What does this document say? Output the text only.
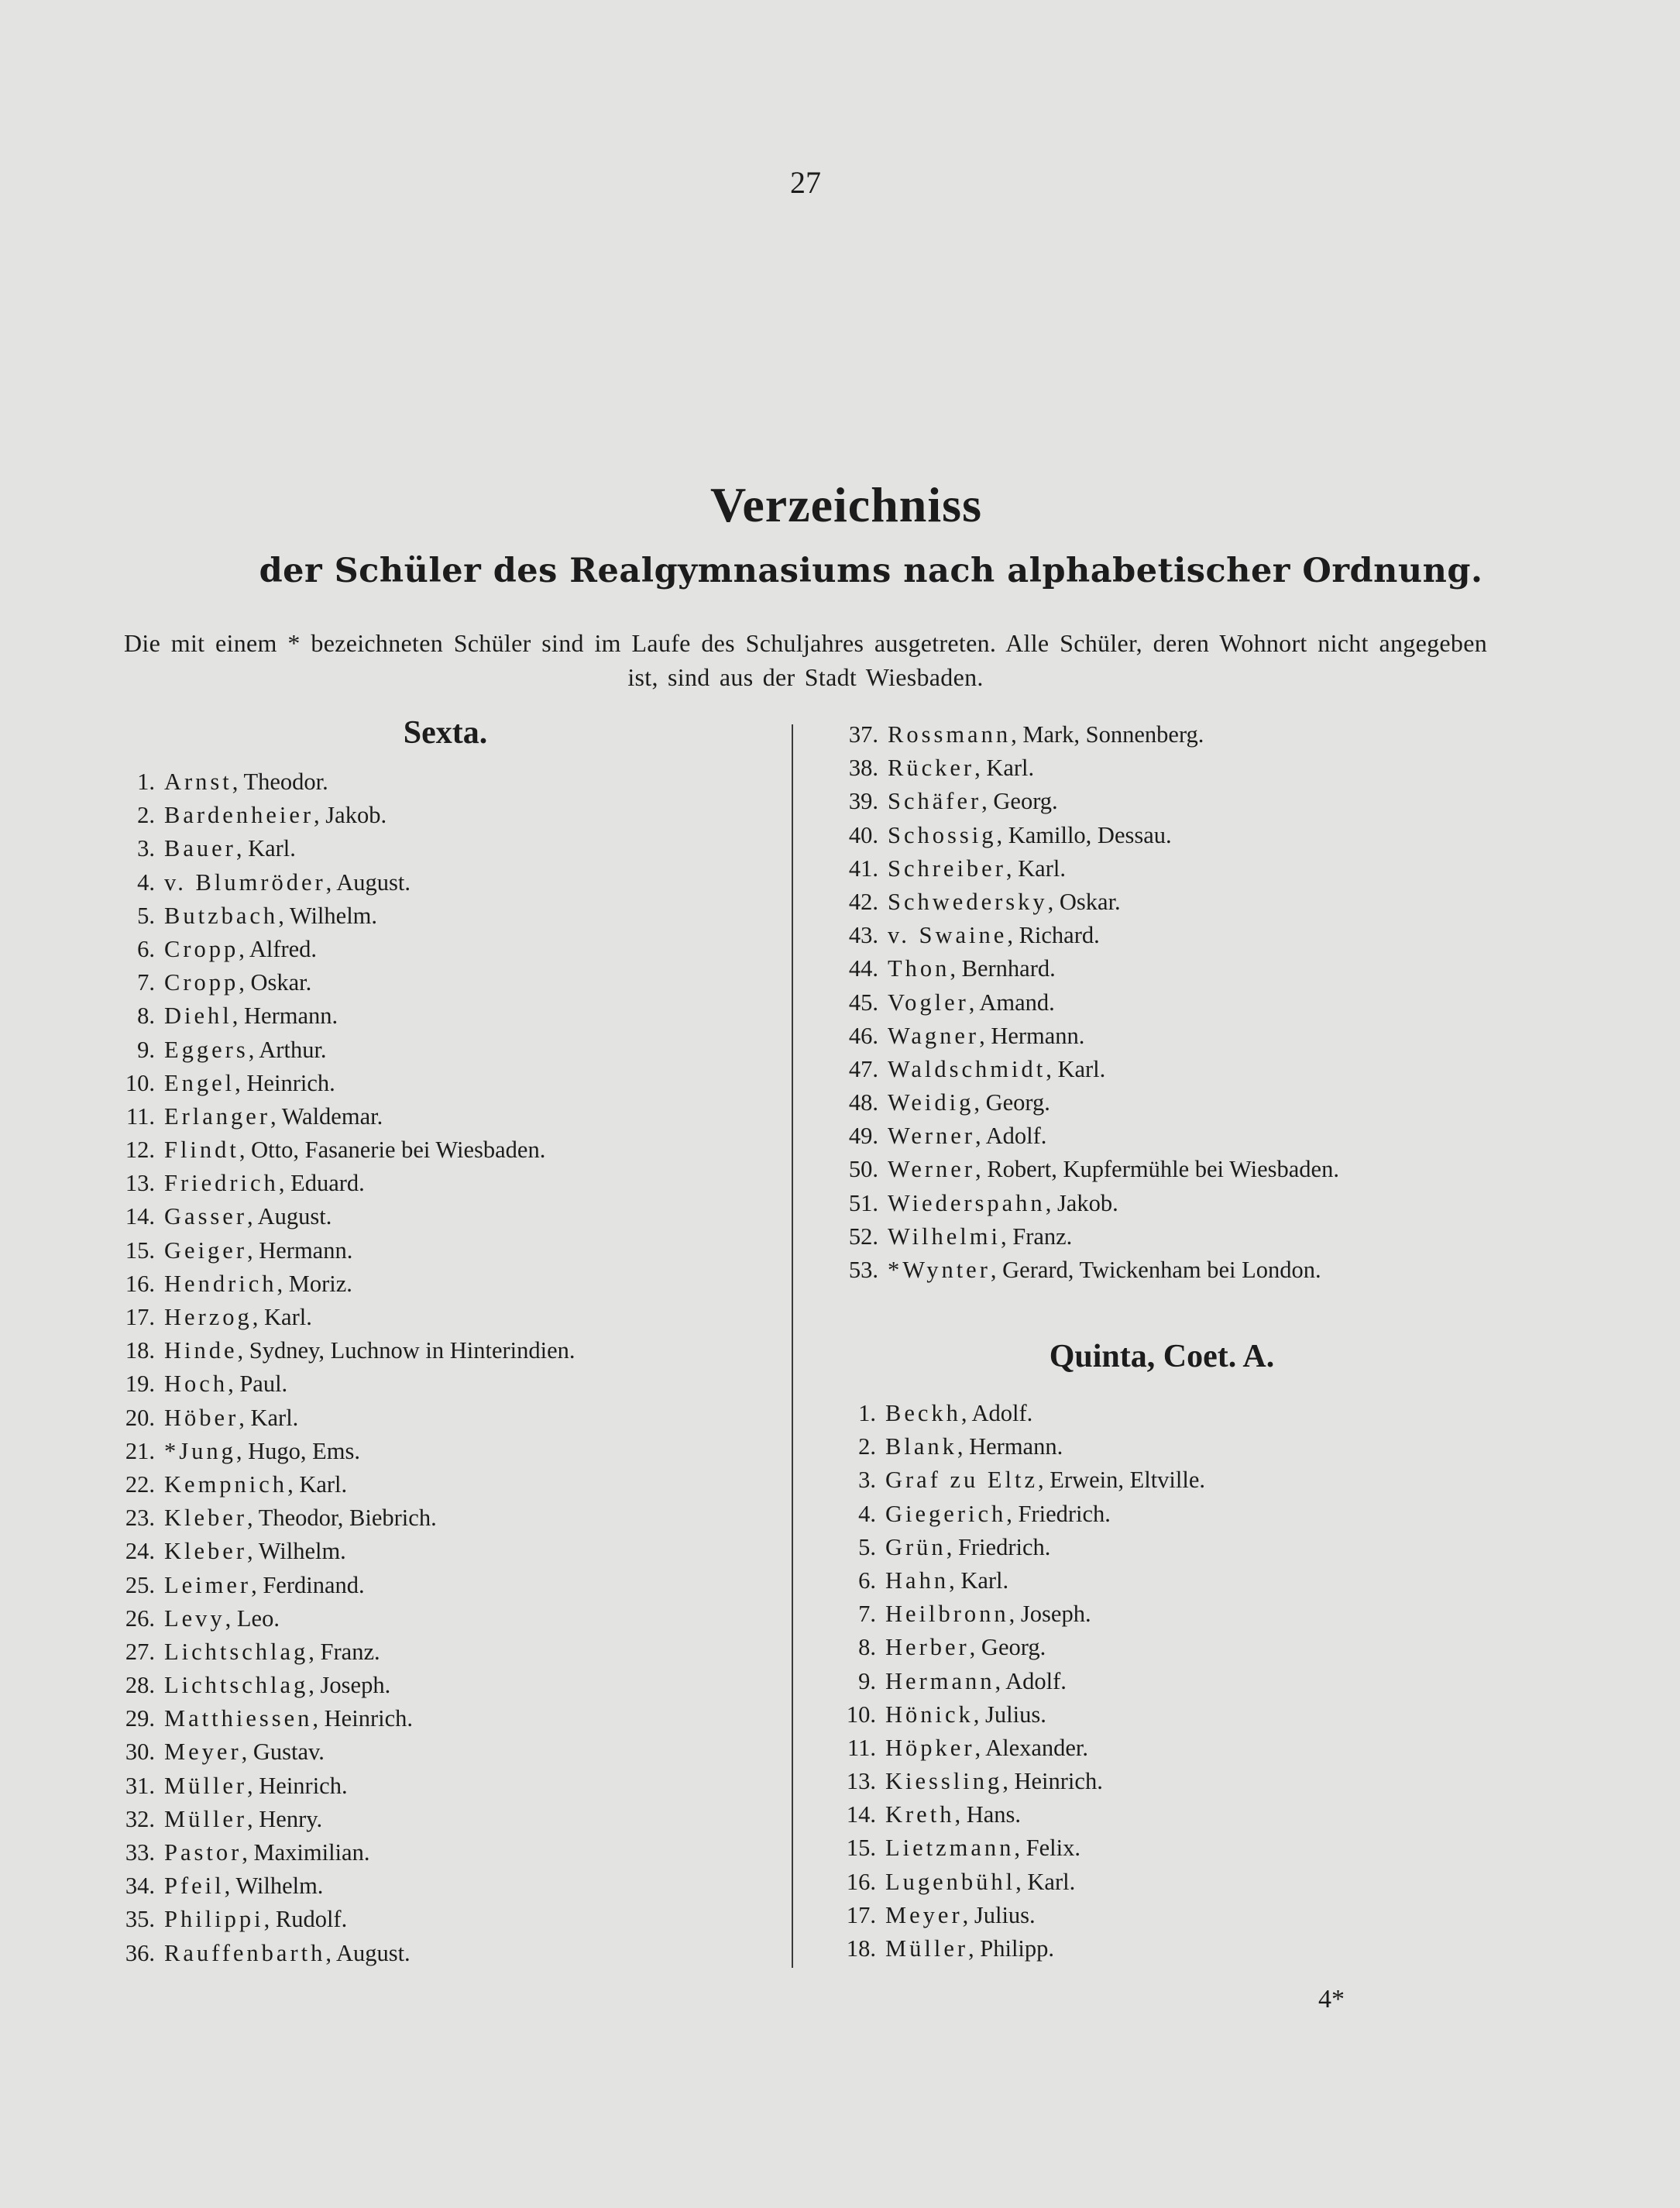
27
Verzeichniss
der Schüler des Realgymnasiums nach alphabetischer Ordnung.
Die mit einem * bezeichneten Schüler sind im Laufe des Schuljahres ausgetreten. Alle Schüler, deren Wohnort nicht angegeben ist, sind aus der Stadt Wiesbaden.
Sexta.
1. Arnst, Theodor.
2. Bardenheier, Jakob.
3. Bauer, Karl.
4. v. Blumröder, August.
5. Butzbach, Wilhelm.
6. Cropp, Alfred.
7. Cropp, Oskar.
8. Diehl, Hermann.
9. Eggers, Arthur.
10. Engel, Heinrich.
11. Erlanger, Waldemar.
12. Flindt, Otto, Fasanerie bei Wiesbaden.
13. Friedrich, Eduard.
14. Gasser, August.
15. Geiger, Hermann.
16. Hendrich, Moriz.
17. Herzog, Karl.
18. Hinde, Sydney, Luchnow in Hinterindien.
19. Hoch, Paul.
20. Höber, Karl.
21. *Jung, Hugo, Ems.
22. Kempnich, Karl.
23. Kleber, Theodor, Biebrich.
24. Kleber, Wilhelm.
25. Leimer, Ferdinand.
26. Levy, Leo.
27. Lichtschlag, Franz.
28. Lichtschlag, Joseph.
29. Matthiessen, Heinrich.
30. Meyer, Gustav.
31. Müller, Heinrich.
32. Müller, Henry.
33. Pastor, Maximilian.
34. Pfeil, Wilhelm.
35. Philippi, Rudolf.
36. Rauffenbarth, August.
37. Rossmann, Mark, Sonnenberg.
38. Rücker, Karl.
39. Schäfer, Georg.
40. Schossig, Kamillo, Dessau.
41. Schreiber, Karl.
42. Schwedersky, Oskar.
43. v. Swaine, Richard.
44. Thon, Bernhard.
45. Vogler, Amand.
46. Wagner, Hermann.
47. Waldschmidt, Karl.
48. Weidig, Georg.
49. Werner, Adolf.
50. Werner, Robert, Kupfermühle bei Wiesbaden.
51. Wiederspahn, Jakob.
52. Wilhelmi, Franz.
53. *Wynter, Gerard, Twickenham bei London.
Quinta, Coet. A.
1. Beckh, Adolf.
2. Blank, Hermann.
3. Graf zu Eltz, Erwein, Eltville.
4. Giegerich, Friedrich.
5. Grün, Friedrich.
6. Hahn, Karl.
7. Heilbronn, Joseph.
8. Herber, Georg.
9. Hermann, Adolf.
10. Hönick, Julius.
11. Höpker, Alexander.
13. Kiessling, Heinrich.
14. Kreth, Hans.
15. Lietzmann, Felix.
16. Lugenbühl, Karl.
17. Meyer, Julius.
18. Müller, Philipp.
4*
